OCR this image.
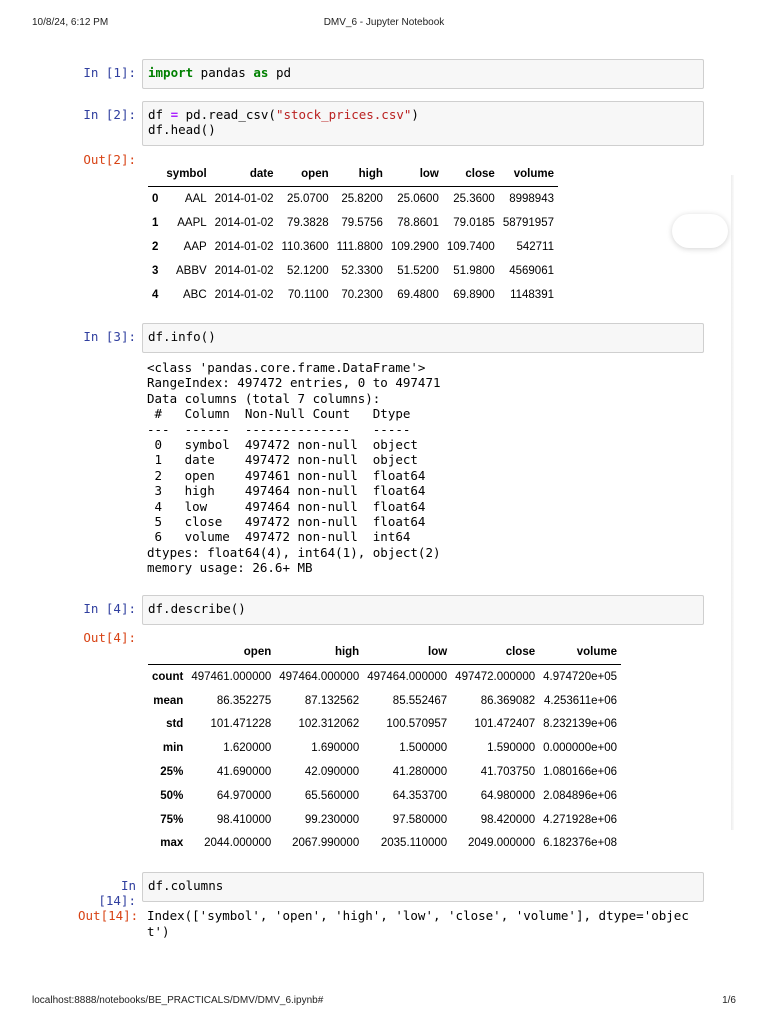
10/8/24, 6:12 PM	DMV_6 - Jupyter Notebook
localhost:8888/notebooks/BE_PRACTICALS/DMV/DMV_6.ipynb#	1/6
In [1]: import pandas as pd
In [2]: df = pd.read_csv("stock_prices.csv")
df.head()
Out[2]:
	symbol	date	open	high	low	close	volume
0	AAL	2014-01-02	25.0700	25.8200	25.0600	25.3600	8998943
1	AAPL	2014-01-02	79.3828	79.5756	78.8601	79.0185	58791957
2	AAP	2014-01-02	110.3600	111.8800	109.2900	109.7400	542711
3	ABBV	2014-01-02	52.1200	52.3300	51.5200	51.9800	4569061
4	ABC	2014-01-02	70.1100	70.2300	69.4800	69.8900	1148391
In [3]: df.info()
<class 'pandas.core.frame.DataFrame'>
RangeIndex: 497472 entries, 0 to 497471
Data columns (total 7 columns):
#   Column  Non-Null Count   Dtype
---  ------  --------------   -----
0   symbol  497472 non-null  object
1   date    497472 non-null  object
2   open    497461 non-null  float64
3   high    497464 non-null  float64
4   low     497464 non-null  float64
5   close   497472 non-null  float64
6   volume  497472 non-null  int64
dtypes: float64(4), int64(1), object(2)
memory usage: 26.6+ MB
In [4]: df.describe()
Out[4]:
	open	high	low	close	volume
count	497461.000000	497464.000000	497464.000000	497472.000000	4.974720e+05
mean	86.352275	87.132562	85.552467	86.369082	4.253611e+06
std	101.471228	102.312062	100.570957	101.472407	8.232139e+06
min	1.620000	1.690000	1.500000	1.590000	0.000000e+00
25%	41.690000	42.090000	41.280000	41.703750	1.080166e+06
50%	64.970000	65.560000	64.353700	64.980000	2.084896e+06
75%	98.410000	99.230000	97.580000	98.420000	4.271928e+06
max	2044.000000	2067.990000	2035.110000	2049.000000	6.182376e+08
In [14]:
df.columns
Out[14]: Index(['symbol', 'open', 'high', 'low', 'close', 'volume'], dtype='objec
t')
